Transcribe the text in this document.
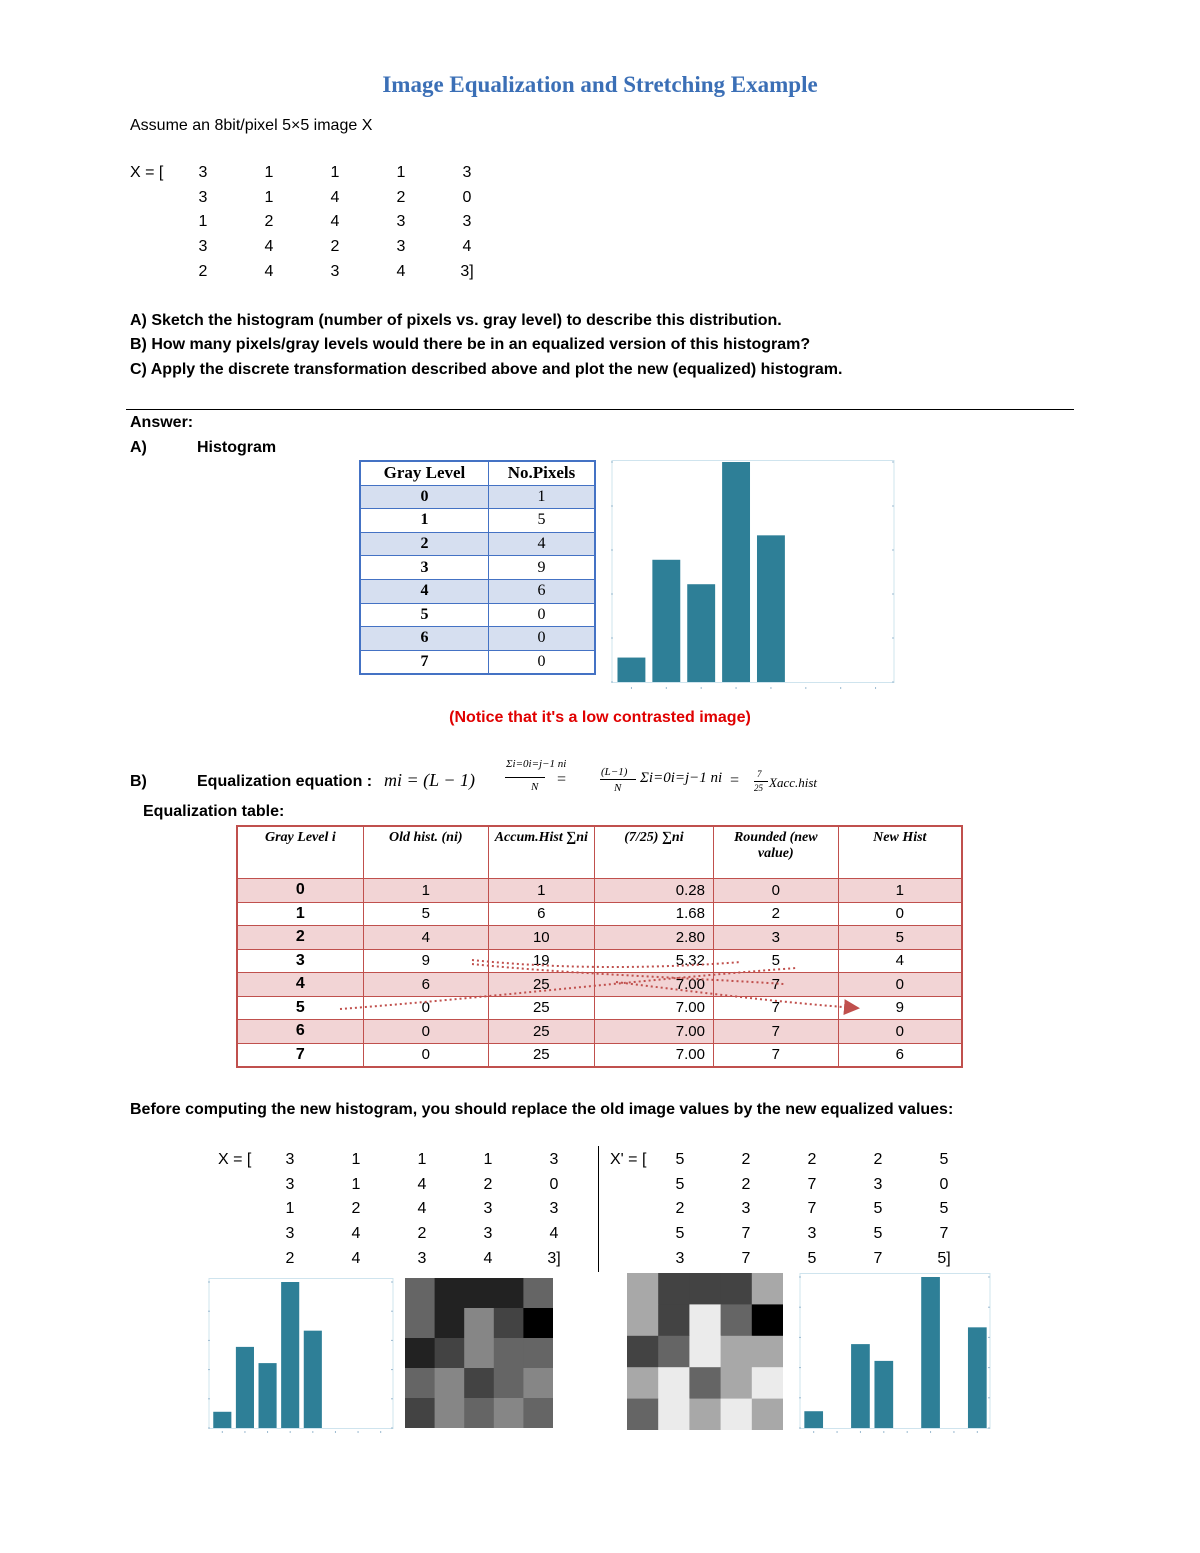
Image Equalization and Stretching Example
Assume an 8bit/pixel 5×5 image X
X = [	3	1	1	1	3
3	1	4	2	0
1	2	4	3	3
3	4	2	3	4
2	4	3	4	3]
A) Sketch the histogram (number of pixels vs. gray level) to describe this distribution.
B) How many pixels/gray levels would there be in an equalized version of this histogram?
C) Apply the discrete transformation described above and plot the new (equalized) histogram.
Answer:
A)	Histogram
Gray Level	No.Pixels
0	1
1	5
2	4
3	9
4	6
5	0
6	0
7	0
(Notice that it's a low contrasted image)
B)	Equalization equation : mi = (L − 1)
Σi=0i=j−1 ni
N =	(L−1)
N
Σi=0i=j−1 ni = 7
25 Xacc.hist
Equalization table:
Gray Level i	Old hist. (ni)	Accum.Hist ∑ni	(7/25) ∑ni	Rounded (new value)	New Hist
0	1	1	0.28	0	1
1	5	6	1.68	2	0
2	4	10	2.80	3	5
3	9	19	5.32	5	4
4	6	25	7.00	7	0
5	0	25	7.00	7	9
6	0	25	7.00	7	0
7	0	25	7.00	7	6
Before computing the new histogram, you should replace the old image values by the new equalized values:
X = [	3	1	1	1	3
3	1	4	2	0
1	2	4	3	3
3	4	2	3	4
2	4	3	4	3]
X' = [	5	2	2	2	5
5	2	7	3	0
2	3	7	5	5
5	7	3	5	7
3	7	5	7	5]
